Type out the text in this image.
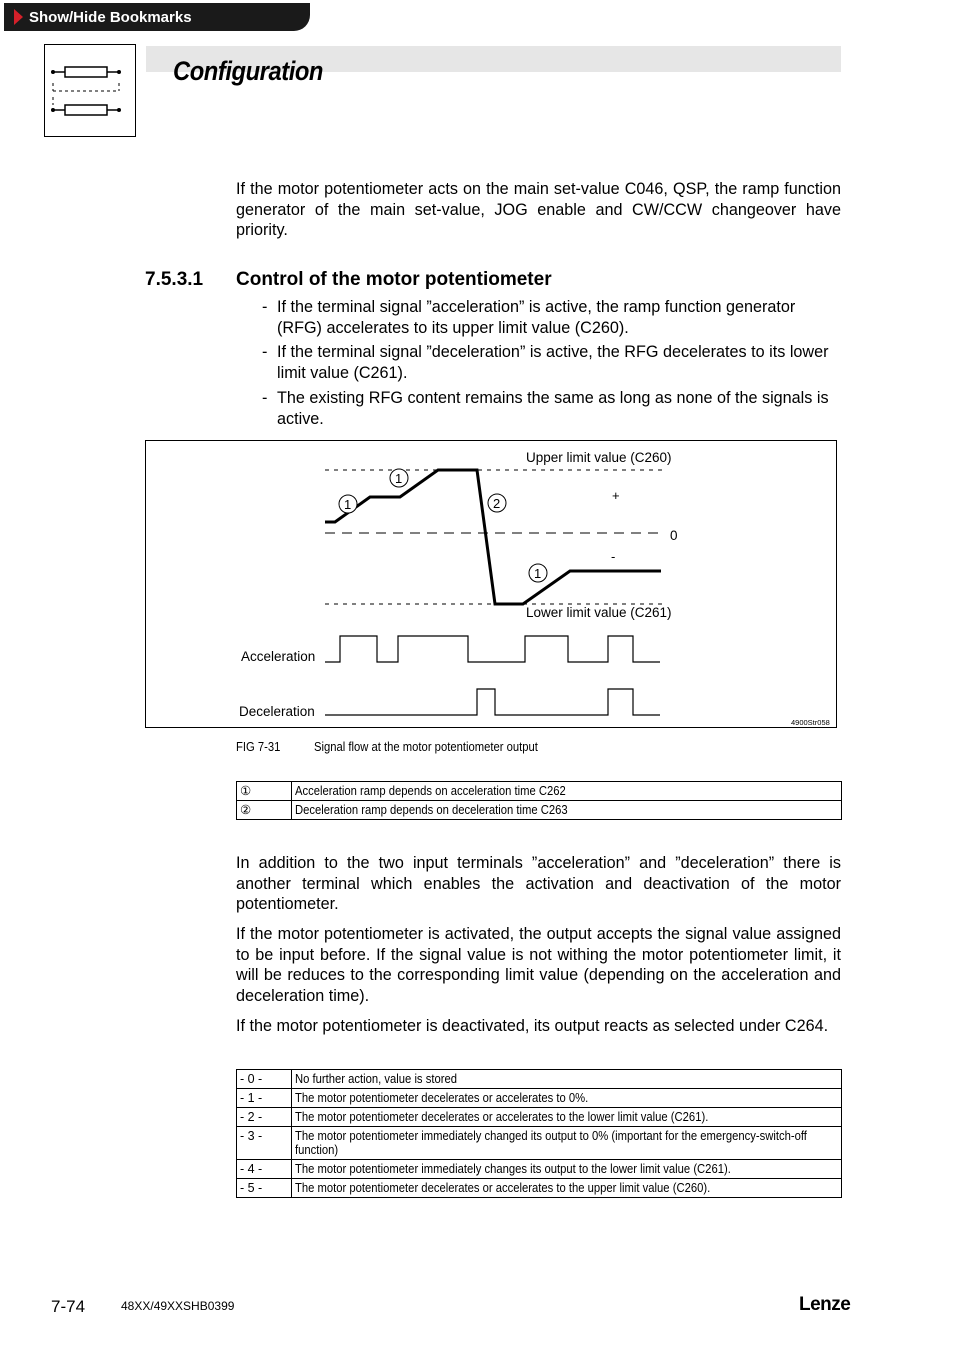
Show/Hide Bookmarks
Configuration
If the motor potentiometer acts on the main set-value C046, QSP, the ramp function generator of the main set-value, JOG enable and CW/CCW changeover have priority.
7.5.3.1 Control of the motor potentiometer
- If the terminal signal ”acceleration” is active, the ramp function generator (RFG) accelerates to its upper limit value (C260).
- If the terminal signal ”deceleration” is active, the RFG decelerates to its lower limit value (C261).
- The existing RFG content remains the same as long as none of the signals is active.
Upper limit value (C260)
Lower limit value (C261)
0
+
-
1
1
2
1
Acceleration
Deceleration
4900Str058
FIG 7-31	Signal flow at the motor potentiometer output
①	Acceleration ramp depends on acceleration time C262
②	Deceleration ramp depends on deceleration time C263
In addition to the two input terminals ”acceleration” and ”deceleration” there is another terminal which enables the activation and deactivation of the motor potentiometer.
If the motor potentiometer is activated, the output accepts the signal value assigned to be input before. If the signal value is not withing the motor potentiometer limit, it will be reduces to the corresponding limit value (depending on the acceleration and deceleration time).
If the motor potentiometer is deactivated, its output reacts as selected under C264.
- 0 -	No further action, value is stored
- 1 -	The motor potentiometer decelerates or accelerates to 0%.
- 2 -	The motor potentiometer decelerates or accelerates to the lower limit value (C261).
- 3 -	The motor potentiometer immediately changed its output to 0% (important for the emergency-switch-off function)
- 4 -	The motor potentiometer immediately changes its output to the lower limit value (C261).
- 5 -	The motor potentiometer decelerates or accelerates to the upper limit value (C260).
7-74	48XX/49XXSHB0399	Lenze
